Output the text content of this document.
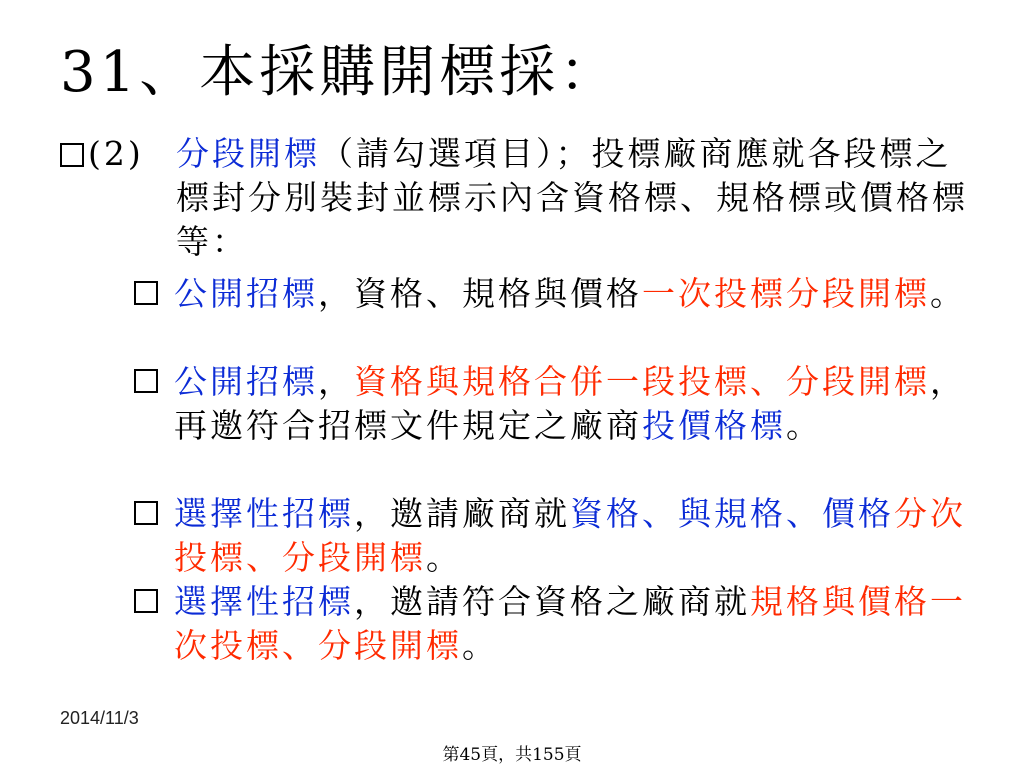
31、本採購開標採：
(2) 分段開標（請勾選項目）；投標廠商應就各段標之標封分別裝封並標示內含資格標、規格標或價格標等：
公開招標，資格、規格與價格一次投標分段開標。
公開招標，資格與規格合併一段投標、分段開標，再邀符合招標文件規定之廠商投價格標。
選擇性招標，邀請廠商就資格、與規格、價格分次投標、分段開標。
選擇性招標，邀請符合資格之廠商就規格與價格一次投標、分段開標。
2014/11/3
第45頁，共155頁
